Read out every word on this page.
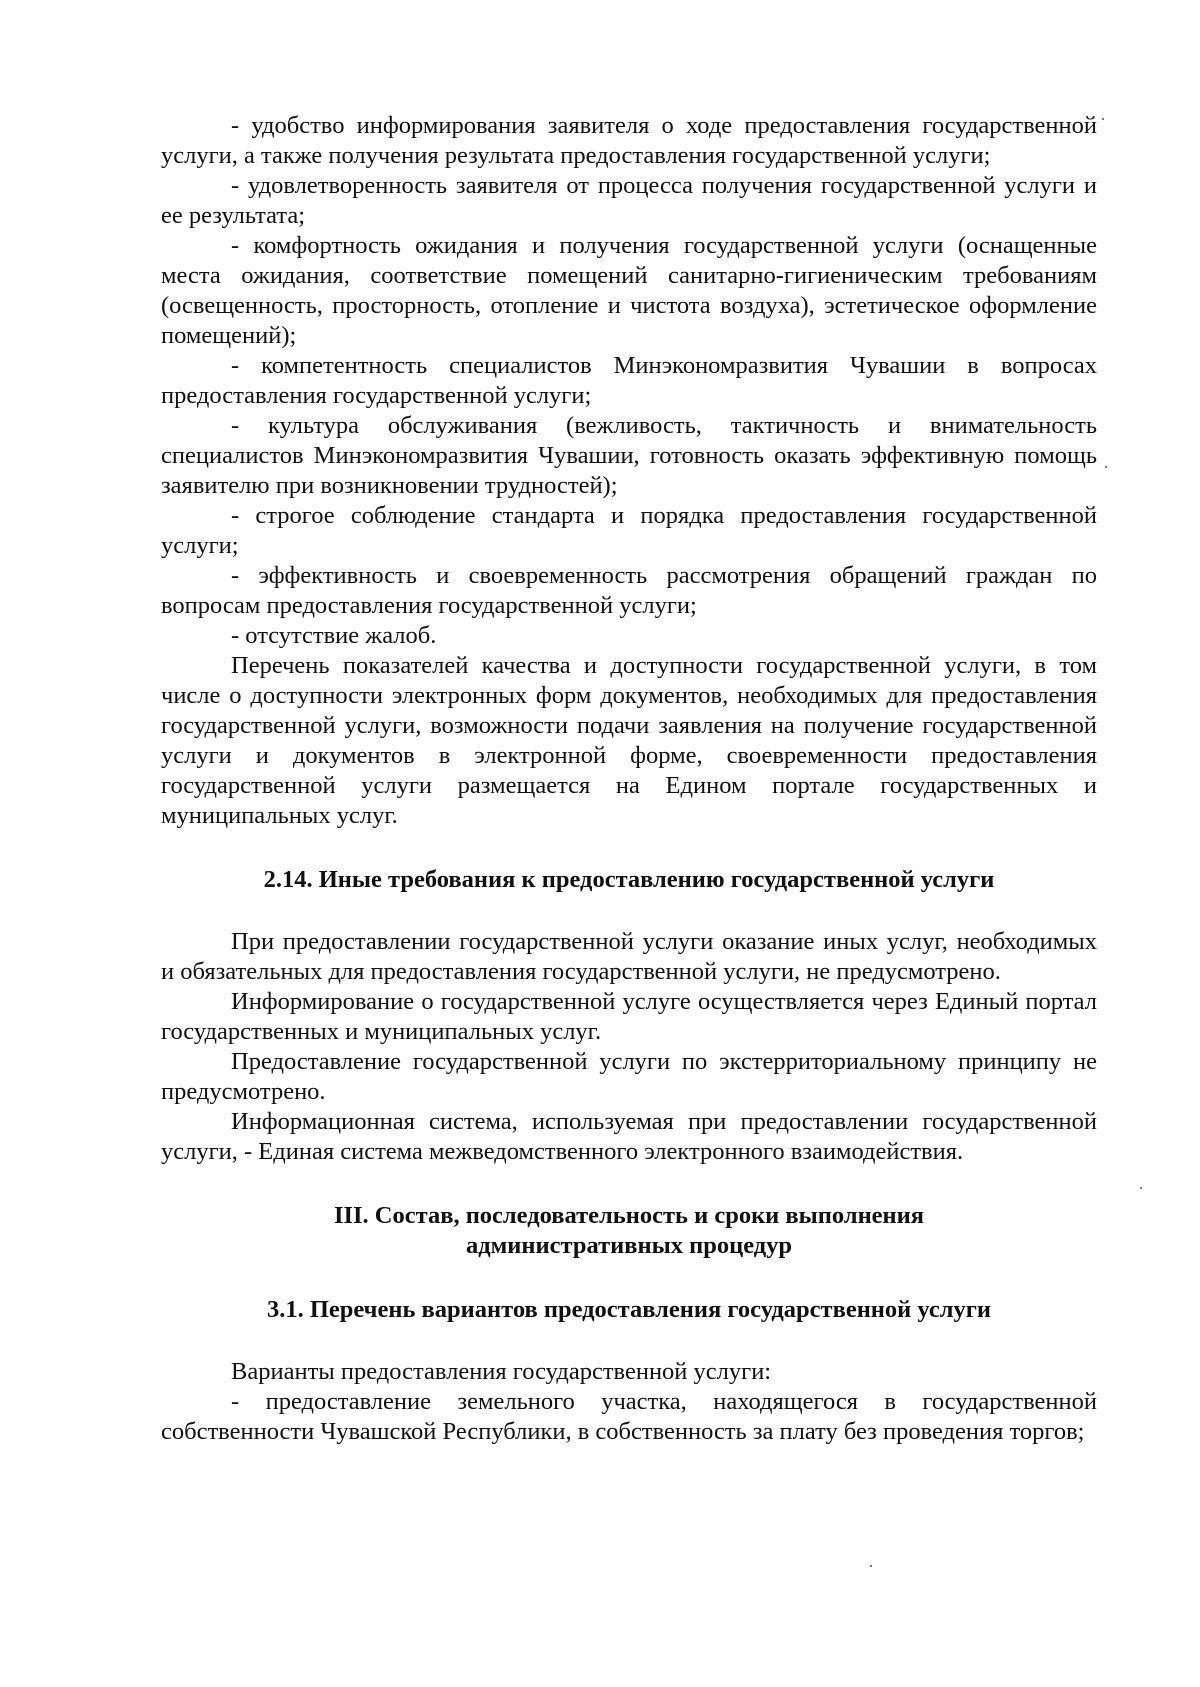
- удобство информирования заявителя о ходе предоставления государственной услуги, а также получения результата предоставления государственной услуги;

- удовлетворенность заявителя от процесса получения государственной услуги и ее результата;

- комфортность ожидания и получения государственной услуги (оснащенные места ожидания, соответствие помещений санитарно-гигиеническим требованиям (освещенность, просторность, отопление и чистота воздуха), эстетическое оформление помещений);

- компетентность специалистов Минэкономразвития Чувашии в вопросах предоставления государственной услуги;

- культура обслуживания (вежливость, тактичность и внимательность специалистов Минэкономразвития Чувашии, готовность оказать эффективную помощь заявителю при возникновении трудностей);

- строгое соблюдение стандарта и порядка предоставления государственной услуги;

- эффективность и своевременность рассмотрения обращений граждан по вопросам предоставления государственной услуги;

- отсутствие жалоб.

Перечень показателей качества и доступности государственной услуги, в том числе о доступности электронных форм документов, необходимых для предоставления государственной услуги, возможности подачи заявления на получение государственной услуги и документов в электронной форме, своевременности предоставления государственной услуги размещается на Едином портале государственных и муниципальных услуг.

2.14. Иные требования к предоставлению государственной услуги

При предоставлении государственной услуги оказание иных услуг, необходимых и обязательных для предоставления государственной услуги, не предусмотрено.

Информирование о государственной услуге осуществляется через Единый портал государственных и муниципальных услуг.

Предоставление государственной услуги по экстерриториальному принципу не предусмотрено.

Информационная система, используемая при предоставлении государственной услуги, - Единая система межведомственного электронного взаимодействия.

III. Состав, последовательность и сроки выполнения

административных процедур

3.1. Перечень вариантов предоставления государственной услуги

Варианты предоставления государственной услуги:

- предоставление земельного участка, находящегося в государственной собственности Чувашской Республики, в собственность за плату без проведения торгов;
